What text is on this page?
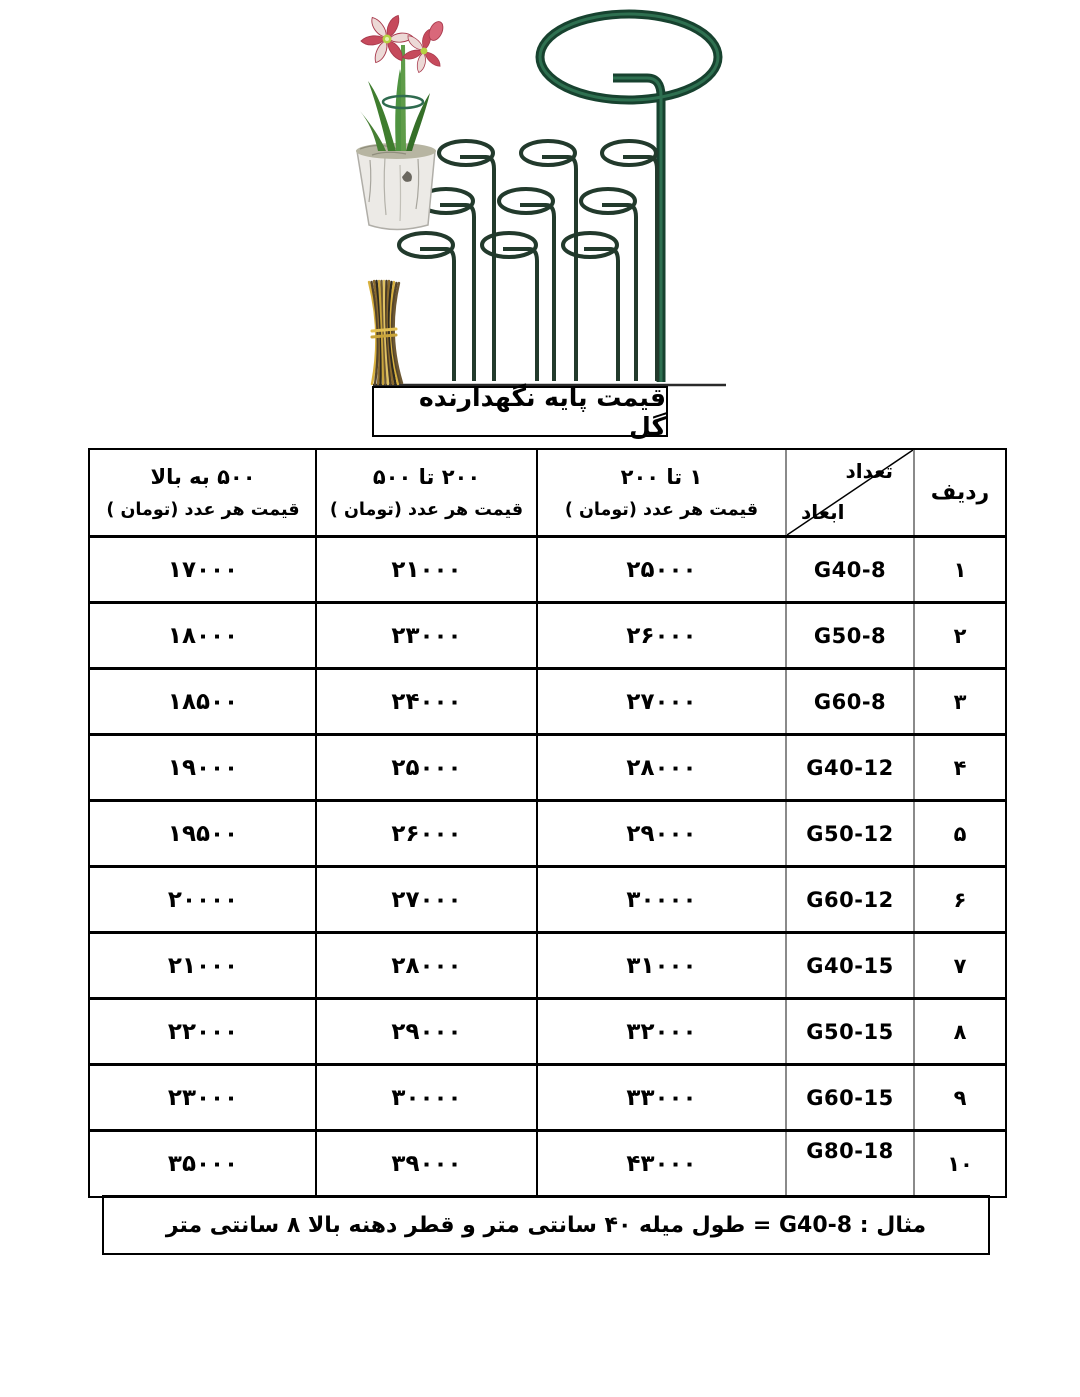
قیمت پایه نگهدارنده گل
ردیف
تعداد
ابعاد
۱ تا ۲۰۰
قیمت هر عدد (تومان )
۲۰۰ تا ۵۰۰
قیمت هر عدد (تومان )
۵۰۰ به بالا
قیمت هر عدد (تومان )
۱
G40-8
۲۵۰۰۰
۲۱۰۰۰
۱۷۰۰۰
۲
G50-8
۲۶۰۰۰
۲۳۰۰۰
۱۸۰۰۰
۳
G60-8
۲۷۰۰۰
۲۴۰۰۰
۱۸۵۰۰
۴
G40-12
۲۸۰۰۰
۲۵۰۰۰
۱۹۰۰۰
۵
G50-12
۲۹۰۰۰
۲۶۰۰۰
۱۹۵۰۰
۶
G60-12
۳۰۰۰۰
۲۷۰۰۰
۲۰۰۰۰
۷
G40-15
۳۱۰۰۰
۲۸۰۰۰
۲۱۰۰۰
۸
G50-15
۳۲۰۰۰
۲۹۰۰۰
۲۲۰۰۰
۹
G60-15
۳۳۰۰۰
۳۰۰۰۰
۲۳۰۰۰
۱۰
G80-18
۴۳۰۰۰
۳۹۰۰۰
۳۵۰۰۰
مثال : G40-8 = طول میله ۴۰ سانتی متر و قطر دهنه بالا ۸ سانتی متر
